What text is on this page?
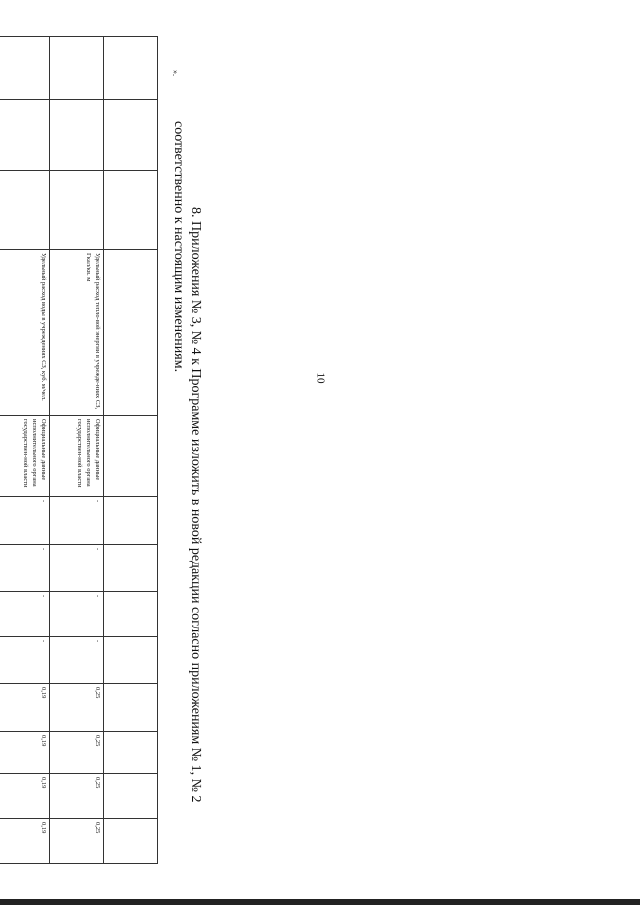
10

			Удельный расход тепло-вой энергии в учрежде-ниях СЗ, Гкал/кв. м	Официальные данные исполнительного органа государствен-ной власти	-	-	-	-	0,25	0,25	0,25	0,25
			Удельный расход воды в учреждениях СЗ, куб. м/чел.	Официальные данные исполнительного органа государствен-ной власти	-	-	-	-	0,19	0,19	0,19	0,19
».
8. Приложения № 3, № 4 к Программе изложить в новой редакции согласно приложениям № 1, № 2 соответственно к настоящим изменениям.
